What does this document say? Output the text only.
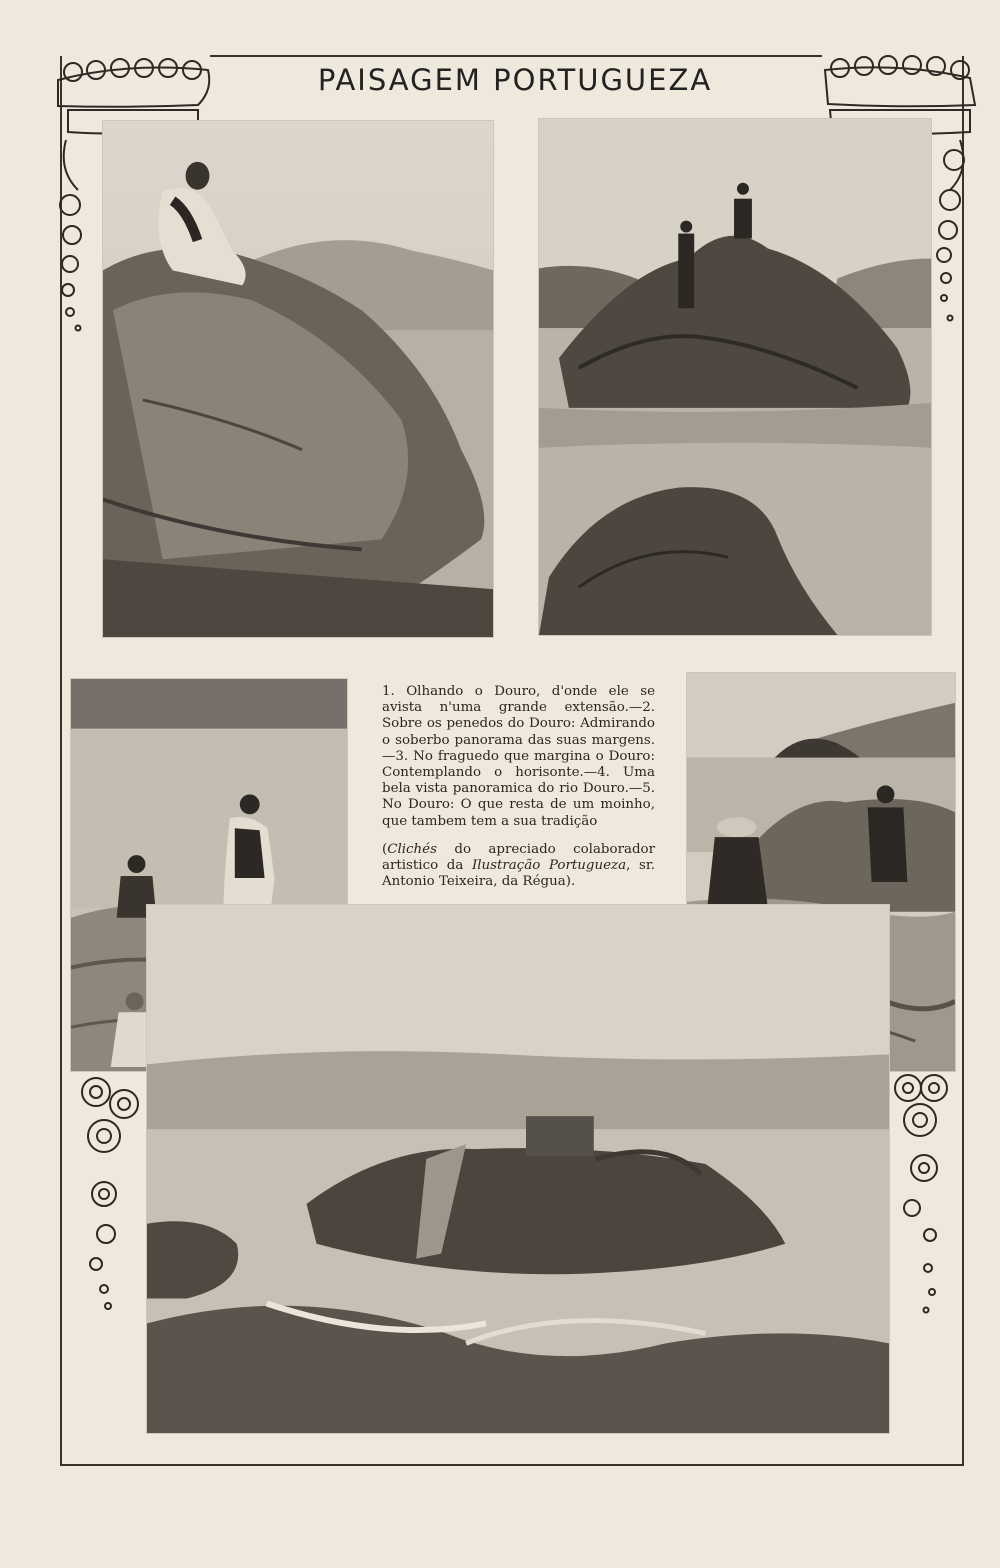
PAISAGEM PORTUGUEZA

1. Olhando o Douro, d'onde ele se avista n'uma grande extensão.—2. Sobre os penedos do Douro: Admirando o soberbo panorama das suas margens.—3. No fraguedo que margina o Douro: Contemplando o horisonte.—4. Uma bela vista panoramica do rio Douro.—5. No Douro: O que resta de um moinho, que tambem tem a sua tradição

(Clichés do apreciado colaborador artistico da Ilustração Portugueza, sr. Antonio Teixeira, da Régua).
